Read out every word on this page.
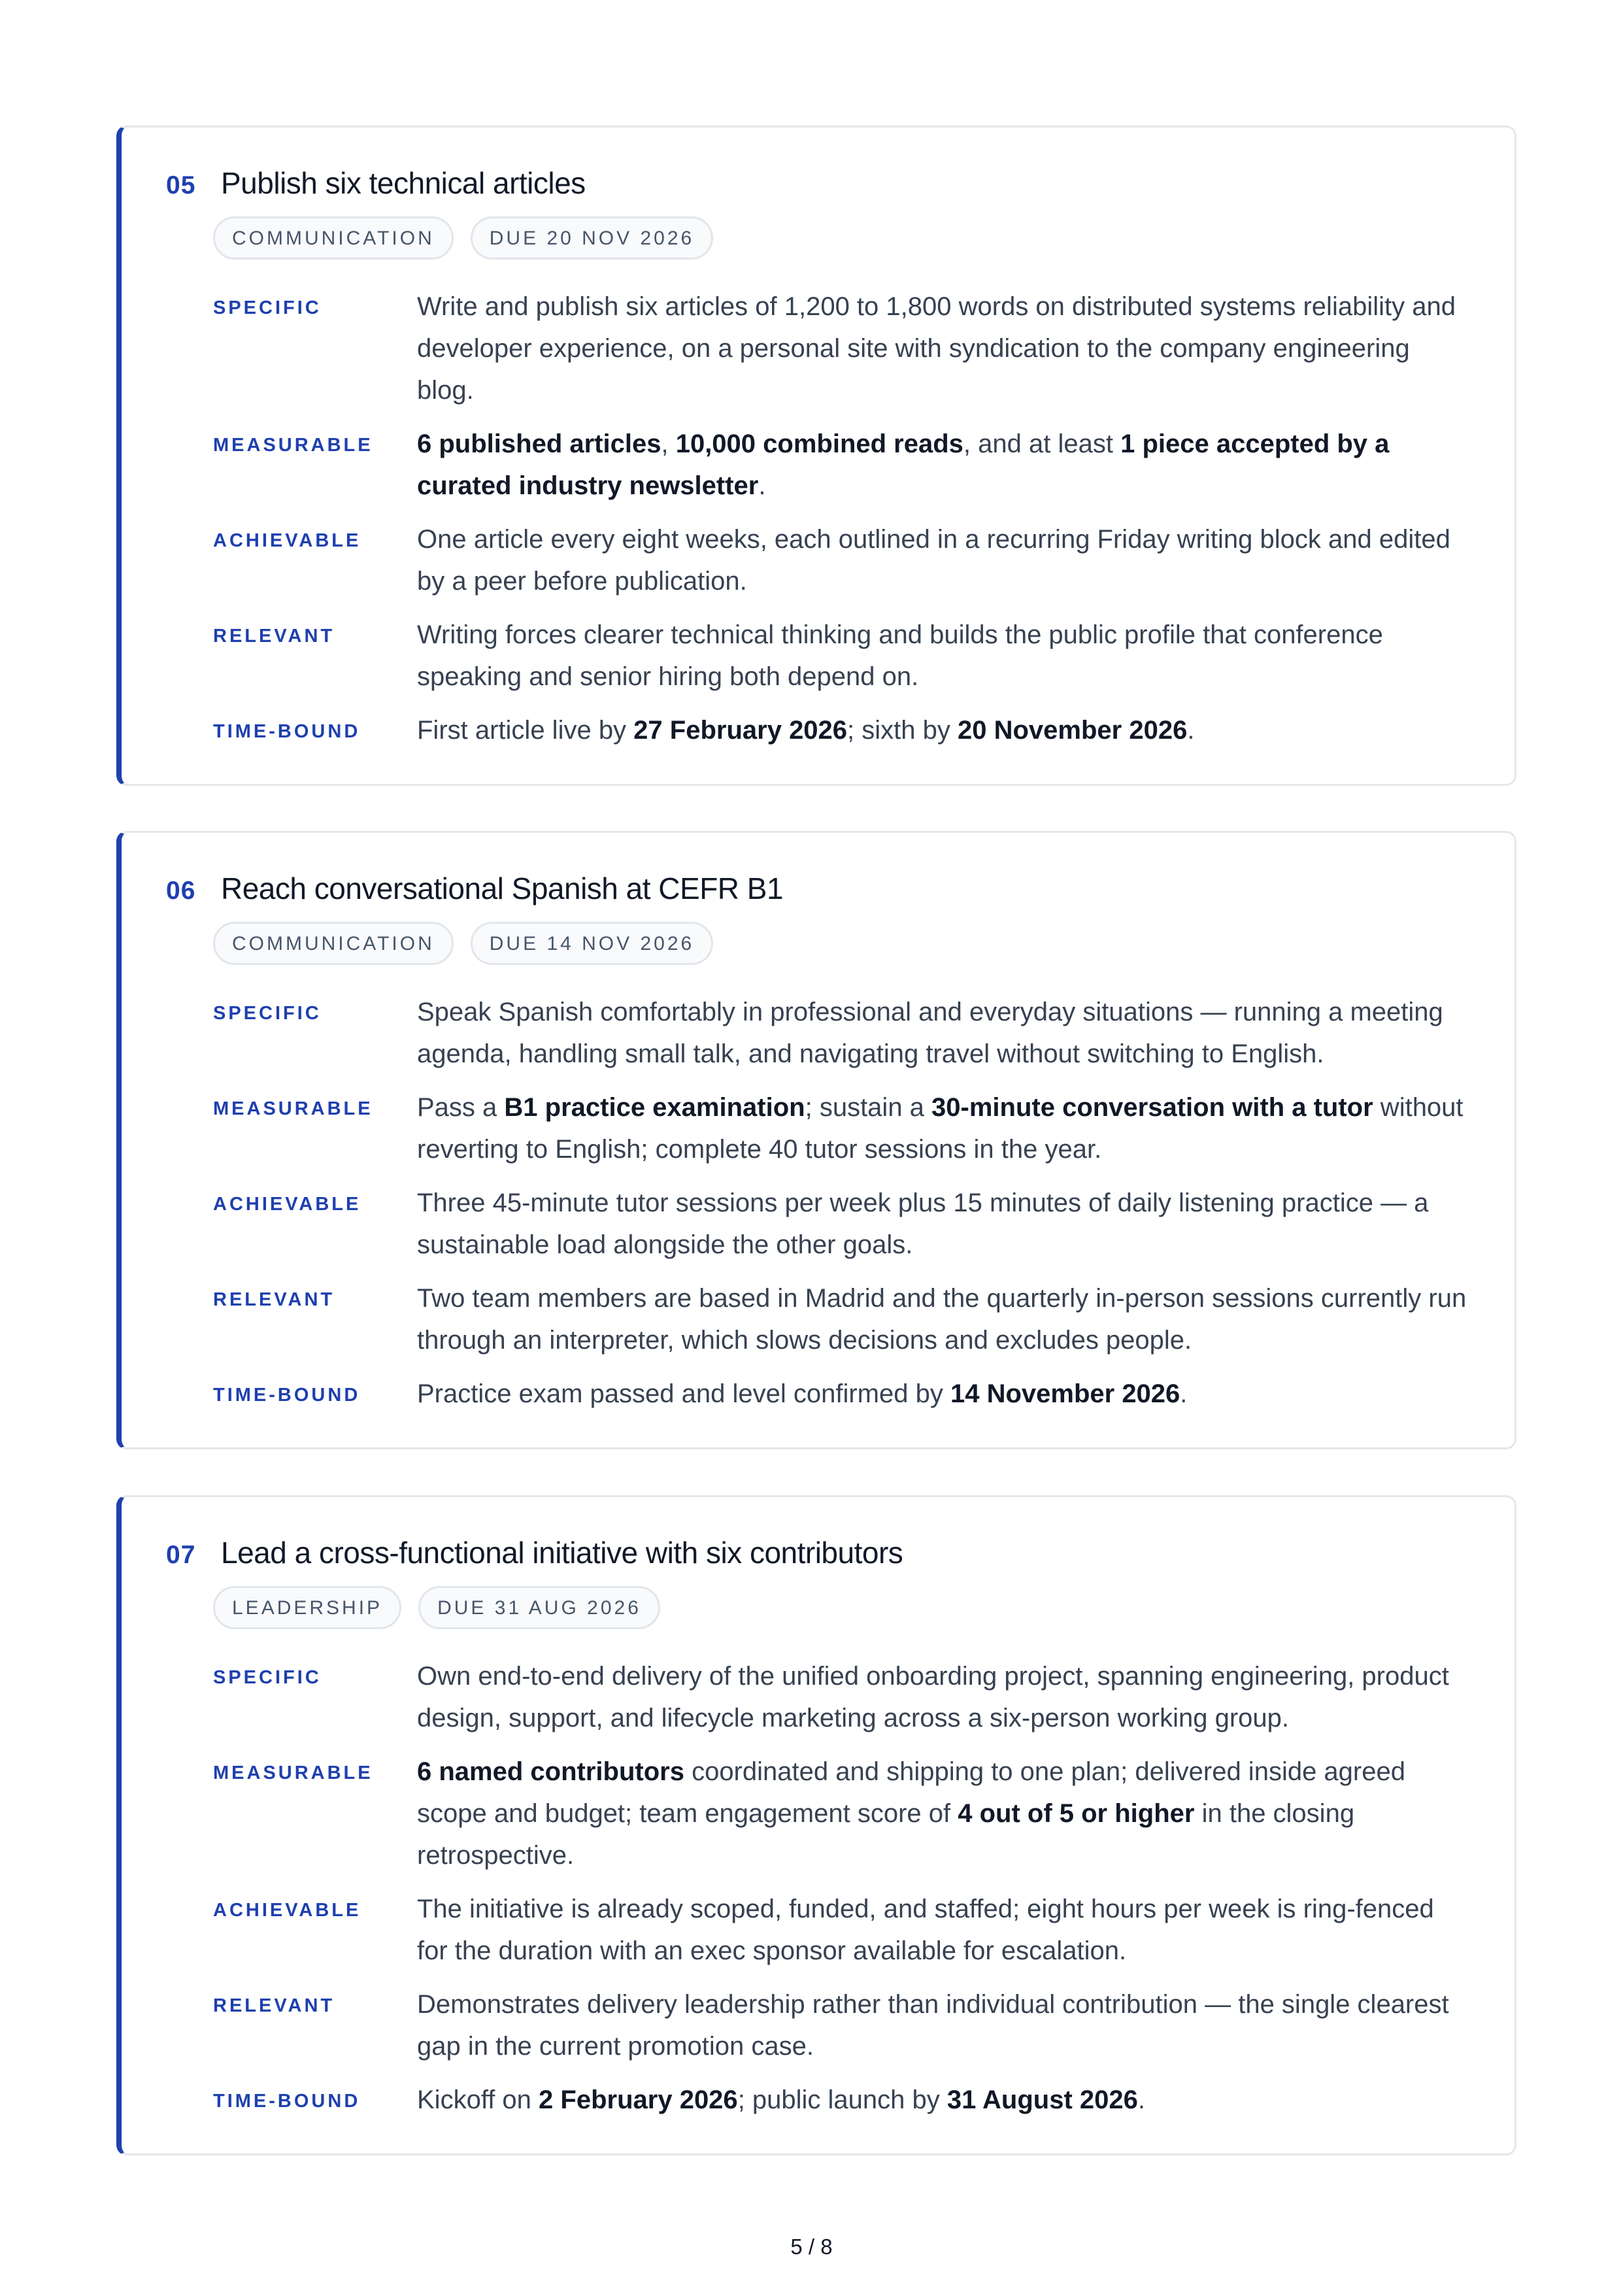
05 Publish six technical articles
COMMUNICATION	DUE 20 NOV 2026
SPECIFIC	Write and publish six articles of 1,200 to 1,800 words on distributed systems reliability and developer experience, on a personal site with syndication to the company engineering blog.
MEASURABLE	6 published articles, 10,000 combined reads, and at least 1 piece accepted by a curated industry newsletter.
ACHIEVABLE	One article every eight weeks, each outlined in a recurring Friday writing block and edited by a peer before publication.
RELEVANT	Writing forces clearer technical thinking and builds the public profile that conference speaking and senior hiring both depend on.
TIME-BOUND	First article live by 27 February 2026; sixth by 20 November 2026.
06 Reach conversational Spanish at CEFR B1
COMMUNICATION	DUE 14 NOV 2026
SPECIFIC	Speak Spanish comfortably in professional and everyday situations — running a meeting agenda, handling small talk, and navigating travel without switching to English.
MEASURABLE	Pass a B1 practice examination; sustain a 30-minute conversation with a tutor without reverting to English; complete 40 tutor sessions in the year.
ACHIEVABLE	Three 45-minute tutor sessions per week plus 15 minutes of daily listening practice — a sustainable load alongside the other goals.
RELEVANT	Two team members are based in Madrid and the quarterly in-person sessions currently run through an interpreter, which slows decisions and excludes people.
TIME-BOUND	Practice exam passed and level confirmed by 14 November 2026.
07 Lead a cross-functional initiative with six contributors
LEADERSHIP	DUE 31 AUG 2026
SPECIFIC	Own end-to-end delivery of the unified onboarding project, spanning engineering, product design, support, and lifecycle marketing across a six-person working group.
MEASURABLE	6 named contributors coordinated and shipping to one plan; delivered inside agreed scope and budget; team engagement score of 4 out of 5 or higher in the closing retrospective.
ACHIEVABLE	The initiative is already scoped, funded, and staffed; eight hours per week is ring-fenced for the duration with an exec sponsor available for escalation.
RELEVANT	Demonstrates delivery leadership rather than individual contribution — the single clearest gap in the current promotion case.
TIME-BOUND	Kickoff on 2 February 2026; public launch by 31 August 2026.
5 / 8
